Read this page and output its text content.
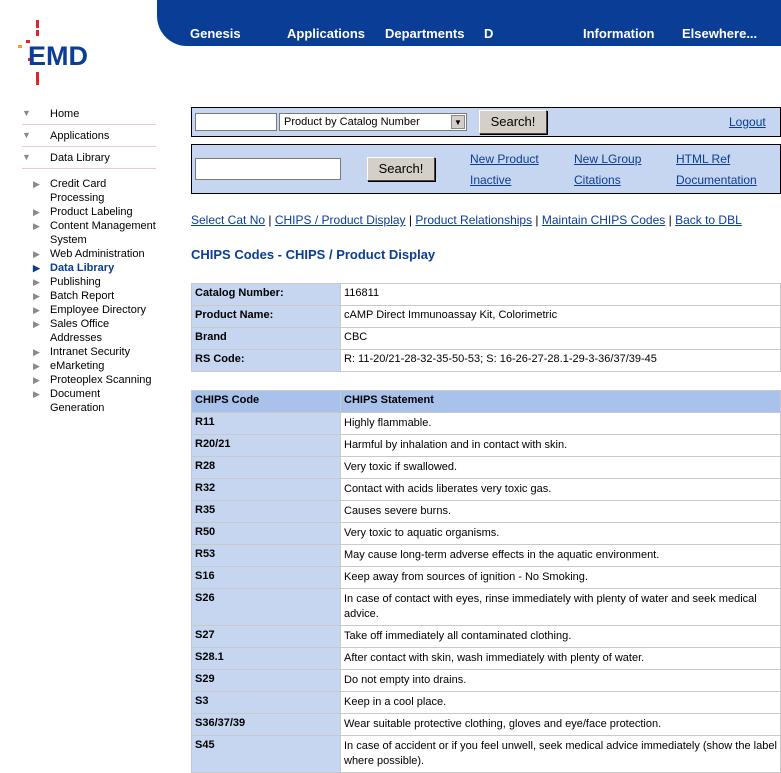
EMD
Genesis	Applications Departments D	Information Elsewhere...
▼ Home
▼ Applications
▼ Data Library
▶ Credit Card Processing
▶ Product Labeling
▶ Content Management System
▶ Web Administration
▶ Data Library
▶ Publishing
▶ Batch Report
▶ Employee Directory
▶ Sales Office Addresses
▶ Intranet Security
▶ eMarketing
▶ Proteoplex Scanning
▶ Document Generation
Product by Catalog Number	▼	Search!	Logout
Search!
New Product	New LGroup	HTML Ref
Inactive	Citations	Documentation
Select Cat No | CHIPS / Product Display | Product Relationships | Maintain CHIPS Codes | Back to DBL
CHIPS Codes - CHIPS / Product Display
Catalog Number:	116811
Product Name:	cAMP Direct Immunoassay Kit, Colorimetric
Brand	CBC
RS Code:	R: 11-20/21-28-32-35-50-53; S: 16-26-27-28.1-29-3-36/37/39-45
CHIPS Code	CHIPS Statement
R11	Highly flammable.
R20/21	Harmful by inhalation and in contact with skin.
R28	Very toxic if swallowed.
R32	Contact with acids liberates very toxic gas.
R35	Causes severe burns.
R50	Very toxic to aquatic organisms.
R53	May cause long-term adverse effects in the aquatic environment.
S16	Keep away from sources of ignition - No Smoking.
S26	In case of contact with eyes, rinse immediately with plenty of water and seek medical advice.
S27	Take off immediately all contaminated clothing.
S28.1	After contact with skin, wash immediately with plenty of water.
S29	Do not empty into drains.
S3	Keep in a cool place.
S36/37/39	Wear suitable protective clothing, gloves and eye/face protection.
S45	In case of accident or if you feel unwell, seek medical advice immediately (show the label where possible).
